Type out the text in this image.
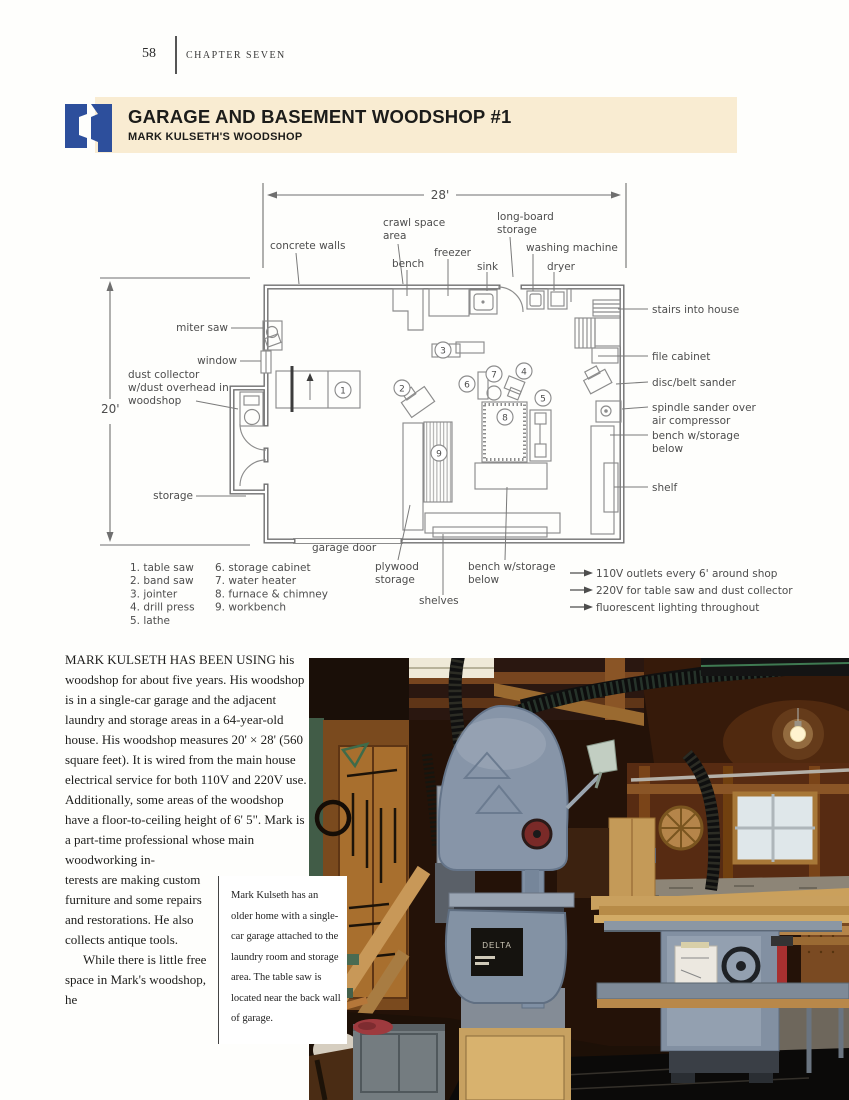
58	CHAPTER SEVEN
GARAGE AND BASEMENT WOODSHOP #1
MARK KULSETH'S WOODSHOP
28'
20'
concrete walls
crawl space area
bench
freezer
sink
long-board storage
washing machine
dryer
stairs into house
file cabinet
disc/belt sander
spindle sander over air compressor
bench w/storage below
shelf
miter saw
window
dust collector w/dust overhead in woodshop
storage
garage door
plywood storage
bench w/storage below
shelves
1	2
3
4
5
6
7
8
9
1. table saw
2. band saw
3. jointer
4. drill press
5. lathe
6. storage cabinet
7. water heater
8. furnace & chimney
9. workbench
110V outlets every 6' around shop
220V for table saw and dust collector
fluorescent lighting throughout

MARK KULSETH HAS BEEN USING his woodshop for about five years. His woodshop is in a single-car garage and the adjacent laundry and storage areas in a 64-year-old house. His woodshop measures 20' × 28' (560 square feet). It is wired from the main house electrical service for both 110V and 220V use. Additionally, some areas of the woodshop have a floor-to-ceiling height of 6' 5". Mark is a part-time professional whose main woodworking in-

terests are making custom furniture and some repairs and restorations. He also collects antique tools.

While there is little free space in Mark's woodshop, he

DELTA

Mark Kulseth has an older home with a single-car garage attached to the laundry room and storage area. The table saw is located near the back wall of garage.
